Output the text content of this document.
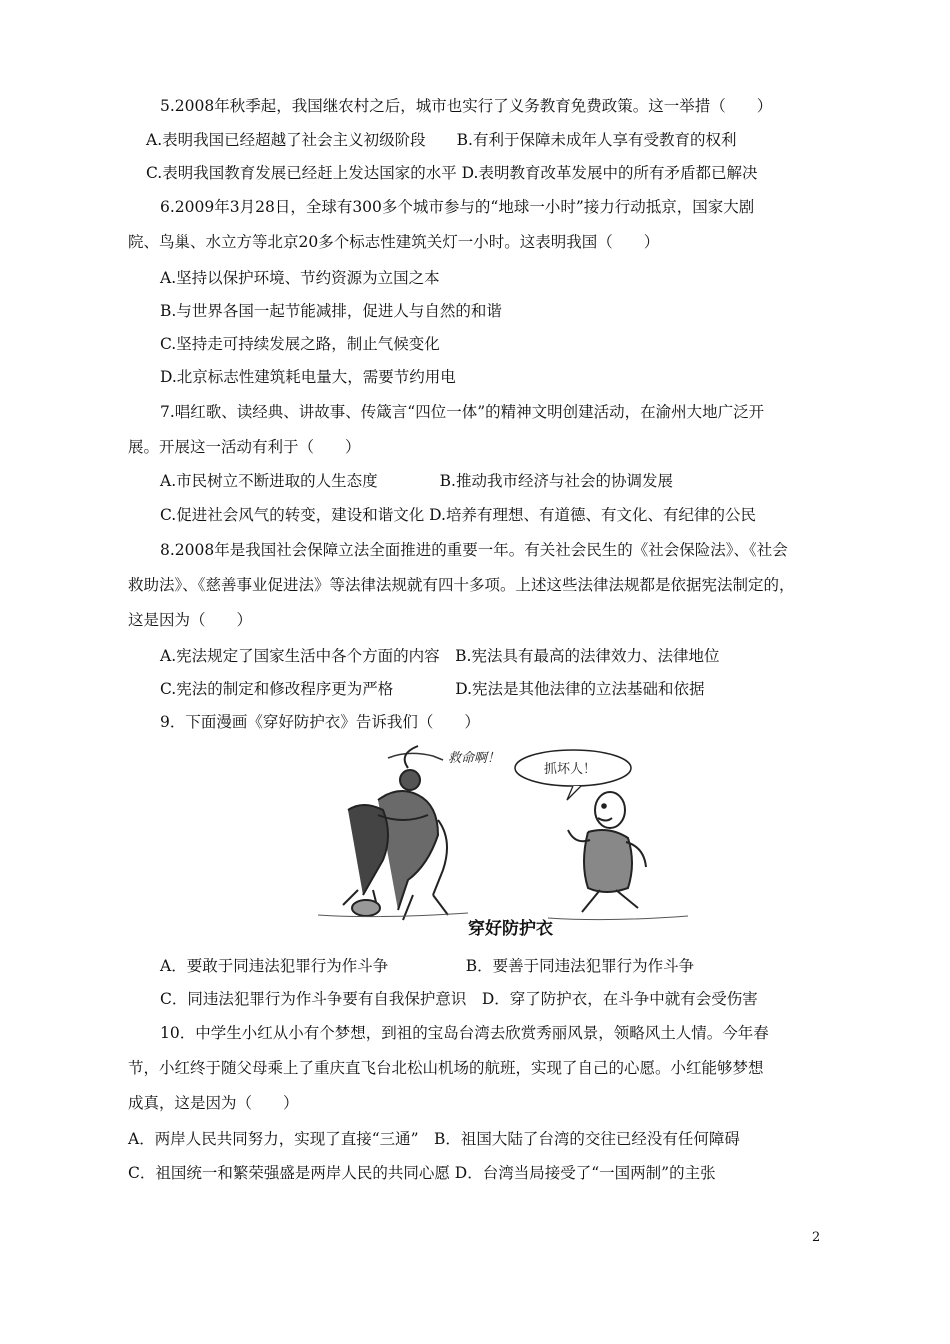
5.2008年秋季起，我国继农村之后，城市也实行了义务教育免费政策。这一举措（　　）
A.表明我国已经超越了社会主义初级阶段　　B.有利于保障未成年人享有受教育的权利
C.表明我国教育发展已经赶上发达国家的水平 D.表明教育改革发展中的所有矛盾都已解决
6.2009年3月28日，全球有300多个城市参与的“地球一小时”接力行动抵京，国家大剧
院、鸟巢、水立方等北京20多个标志性建筑关灯一小时。这表明我国（　　）
A.坚持以保护环境、节约资源为立国之本
B.与世界各国一起节能减排，促进人与自然的和谐
C.坚持走可持续发展之路，制止气候变化
D.北京标志性建筑耗电量大，需要节约用电
7.唱红歌、读经典、讲故事、传箴言“四位一体”的精神文明创建活动，在渝州大地广泛开
展。开展这一活动有利于（　　）
A.市民树立不断进取的人生态度　　　　B.推动我市经济与社会的协调发展
C.促进社会风气的转变，建设和谐文化 D.培养有理想、有道德、有文化、有纪律的公民
8.2008年是我国社会保障立法全面推进的重要一年。有关社会民生的《社会保险法》、《社会
救助法》、《慈善事业促进法》等法律法规就有四十多项。上述这些法律法规都是依据宪法制定的，
这是因为（　　）
A.宪法规定了国家生活中各个方面的内容　B.宪法具有最高的法律效力、法律地位
C.宪法的制定和修改程序更为严格　　　　D.宪法是其他法律的立法基础和依据
9．下面漫画《穿好防护衣》告诉我们（　　）
救命啊！
抓坏人！
穿好防护衣
A．要敢于同违法犯罪行为作斗争　　　　　B．要善于同违法犯罪行为作斗争
C．同违法犯罪行为作斗争要有自我保护意识　D．穿了防护衣，在斗争中就有会受伤害
10．中学生小红从小有个梦想，到祖的宝岛台湾去欣赏秀丽风景，领略风土人情。今年春
节，小红终于随父母乘上了重庆直飞台北松山机场的航班，实现了自己的心愿。小红能够梦想
成真，这是因为（　　）
A．两岸人民共同努力，实现了直接“三通”　B．祖国大陆了台湾的交往已经没有任何障碍
C．祖国统一和繁荣强盛是两岸人民的共同心愿 D．台湾当局接受了“一国两制”的主张
2
